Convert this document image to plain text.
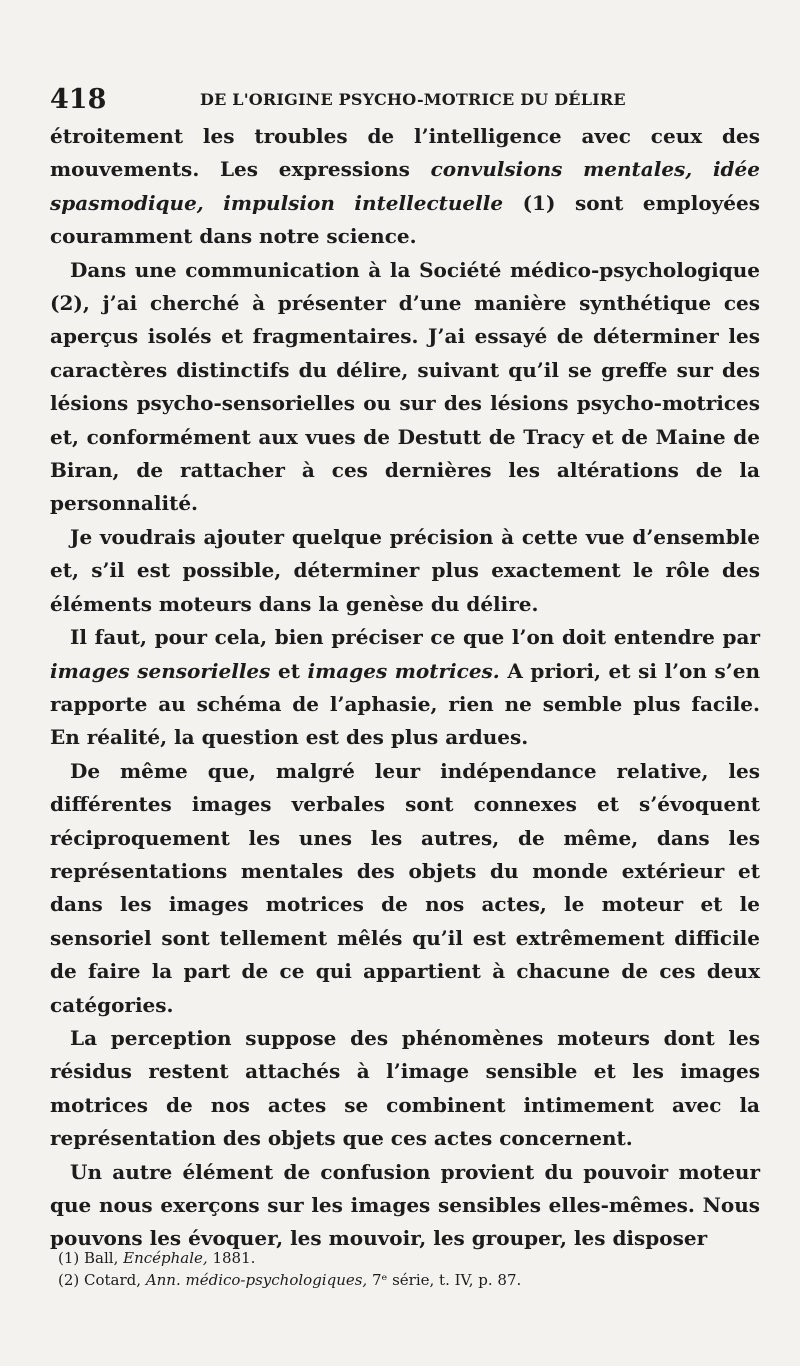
418	DE L'ORIGINE PSYCHO-MOTRICE DU DÉLIRE

étroitement les troubles de l’intelligence avec ceux des mouvements. Les expressions convulsions mentales, idée spasmodique, impulsion intellectuelle (1) sont employées couramment dans notre science.

Dans une communication à la Société médico-psychologique (2), j’ai cherché à présenter d’une manière synthétique ces aperçus isolés et fragmentaires. J’ai essayé de déterminer les caractères distinctifs du délire, suivant qu’il se greffe sur des lésions psycho-sensorielles ou sur des lésions psycho-motrices et, conformément aux vues de Destutt de Tracy et de Maine de Biran, de rattacher à ces dernières les altérations de la personnalité.

Je voudrais ajouter quelque précision à cette vue d’ensemble et, s’il est possible, déterminer plus exactement le rôle des éléments moteurs dans la genèse du délire.

Il faut, pour cela, bien préciser ce que l’on doit entendre par images sensorielles et images motrices. A priori, et si l’on s’en rapporte au schéma de l’aphasie, rien ne semble plus facile. En réalité, la question est des plus ardues.

De même que, malgré leur indépendance relative, les différentes images verbales sont connexes et s’évoquent réciproquement les unes les autres, de même, dans les représentations mentales des objets du monde extérieur et dans les images motrices de nos actes, le moteur et le sensoriel sont tellement mêlés qu’il est extrêmement difficile de faire la part de ce qui appartient à chacune de ces deux catégories.

La perception suppose des phénomènes moteurs dont les résidus restent attachés à l’image sensible et les images motrices de nos actes se combinent intimement avec la représentation des objets que ces actes concernent.

Un autre élément de confusion provient du pouvoir moteur que nous exerçons sur les images sensibles elles-mêmes. Nous pouvons les évoquer, les mouvoir, les grouper, les disposer

(1) Ball, Encéphale, 1881.

(2) Cotard, Ann. médico-psychologiques, 7ᵉ série, t. IV, p. 87.
